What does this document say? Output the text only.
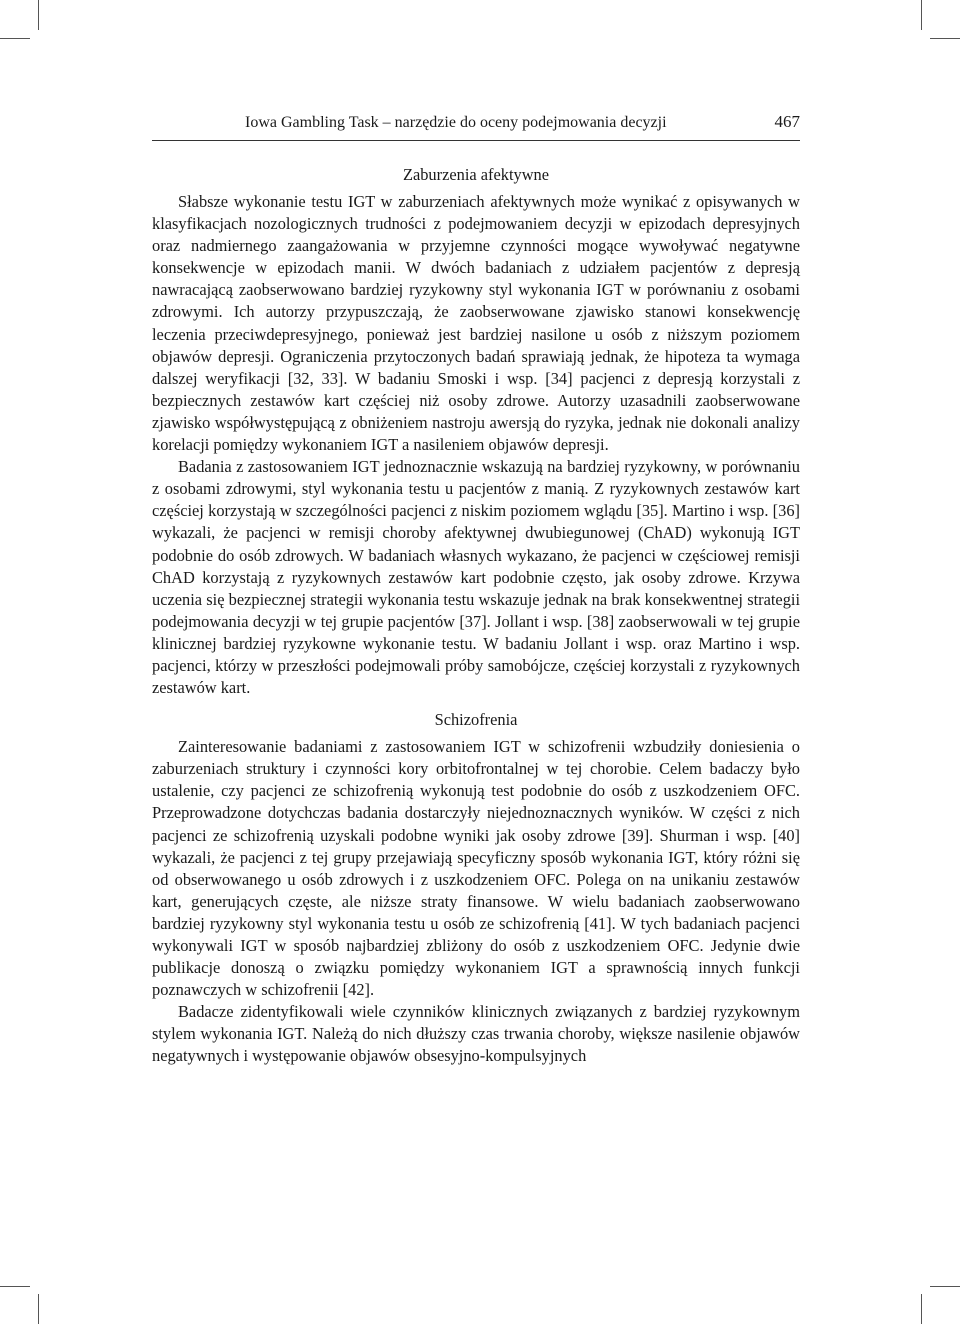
Iowa Gambling Task – narzędzie do oceny podejmowania decyzji	467
Zaburzenia afektywne

Słabsze wykonanie testu IGT w zaburzeniach afektywnych może wynikać z opisywanych w klasyfikacjach nozologicznych trudności z podejmowaniem decyzji w epizodach depresyjnych oraz nadmiernego zaangażowania w przyjemne czynności mogące wywoływać negatywne konsekwencje w epizodach manii. W dwóch badaniach z udziałem pacjentów z depresją nawracającą zaobserwowano bardziej ryzykowny styl wykonania IGT w porównaniu z osobami zdrowymi. Ich autorzy przypuszczają, że zaobserwowane zjawisko stanowi konsekwencję leczenia przeciwdepresyjnego, ponieważ jest bardziej nasilone u osób z niższym poziomem objawów depresji. Ograniczenia przytoczonych badań sprawiają jednak, że hipoteza ta wymaga dalszej weryfikacji [32, 33]. W badaniu Smoski i wsp. [34] pacjenci z depresją korzystali z bezpiecznych zestawów kart częściej niż osoby zdrowe. Autorzy uzasadnili zaobserwowane zjawisko współwystępującą z obniżeniem nastroju awersją do ryzyka, jednak nie dokonali analizy korelacji pomiędzy wykonaniem IGT a nasileniem objawów depresji.

Badania z zastosowaniem IGT jednoznacznie wskazują na bardziej ryzykowny, w porównaniu z osobami zdrowymi, styl wykonania testu u pacjentów z manią. Z ryzykownych zestawów kart częściej korzystają w szczególności pacjenci z niskim poziomem wglądu [35]. Martino i wsp. [36] wykazali, że pacjenci w remisji choroby afektywnej dwubiegunowej (ChAD) wykonują IGT podobnie do osób zdrowych. W badaniach własnych wykazano, że pacjenci w częściowej remisji ChAD korzystają z ryzykownych zestawów kart podobnie często, jak osoby zdrowe. Krzywa uczenia się bezpiecznej strategii wykonania testu wskazuje jednak na brak konsekwentnej strategii podejmowania decyzji w tej grupie pacjentów [37]. Jollant i wsp. [38] zaobserwowali w tej grupie klinicznej bardziej ryzykowne wykonanie testu. W badaniu Jollant i wsp. oraz Martino i wsp. pacjenci, którzy w przeszłości podejmowali próby samobójcze, częściej korzystali z ryzykownych zestawów kart.

Schizofrenia

Zainteresowanie badaniami z zastosowaniem IGT w schizofrenii wzbudziły doniesienia o zaburzeniach struktury i czynności kory orbitofrontalnej w tej chorobie. Celem badaczy było ustalenie, czy pacjenci ze schizofrenią wykonują test podobnie do osób z uszkodzeniem OFC. Przeprowadzone dotychczas badania dostarczyły niejednoznacznych wyników. W części z nich pacjenci ze schizofrenią uzyskali podobne wyniki jak osoby zdrowe [39]. Shurman i wsp. [40] wykazali, że pacjenci z tej grupy przejawiają specyficzny sposób wykonania IGT, który różni się od obserwowanego u osób zdrowych i z uszkodzeniem OFC. Polega on na unikaniu zestawów kart, generujących częste, ale niższe straty finansowe. W wielu badaniach zaobserwowano bardziej ryzykowny styl wykonania testu u osób ze schizofrenią [41]. W tych badaniach pacjenci wykonywali IGT w sposób najbardziej zbliżony do osób z uszkodzeniem OFC. Jedynie dwie publikacje donoszą o związku pomiędzy wykonaniem IGT a sprawnością innych funkcji poznawczych w schizofrenii [42].

Badacze zidentyfikowali wiele czynników klinicznych związanych z bardziej ryzykownym stylem wykonania IGT. Należą do nich dłuższy czas trwania choroby, większe nasilenie objawów negatywnych i występowanie objawów obsesyjno-kompulsyjnych
